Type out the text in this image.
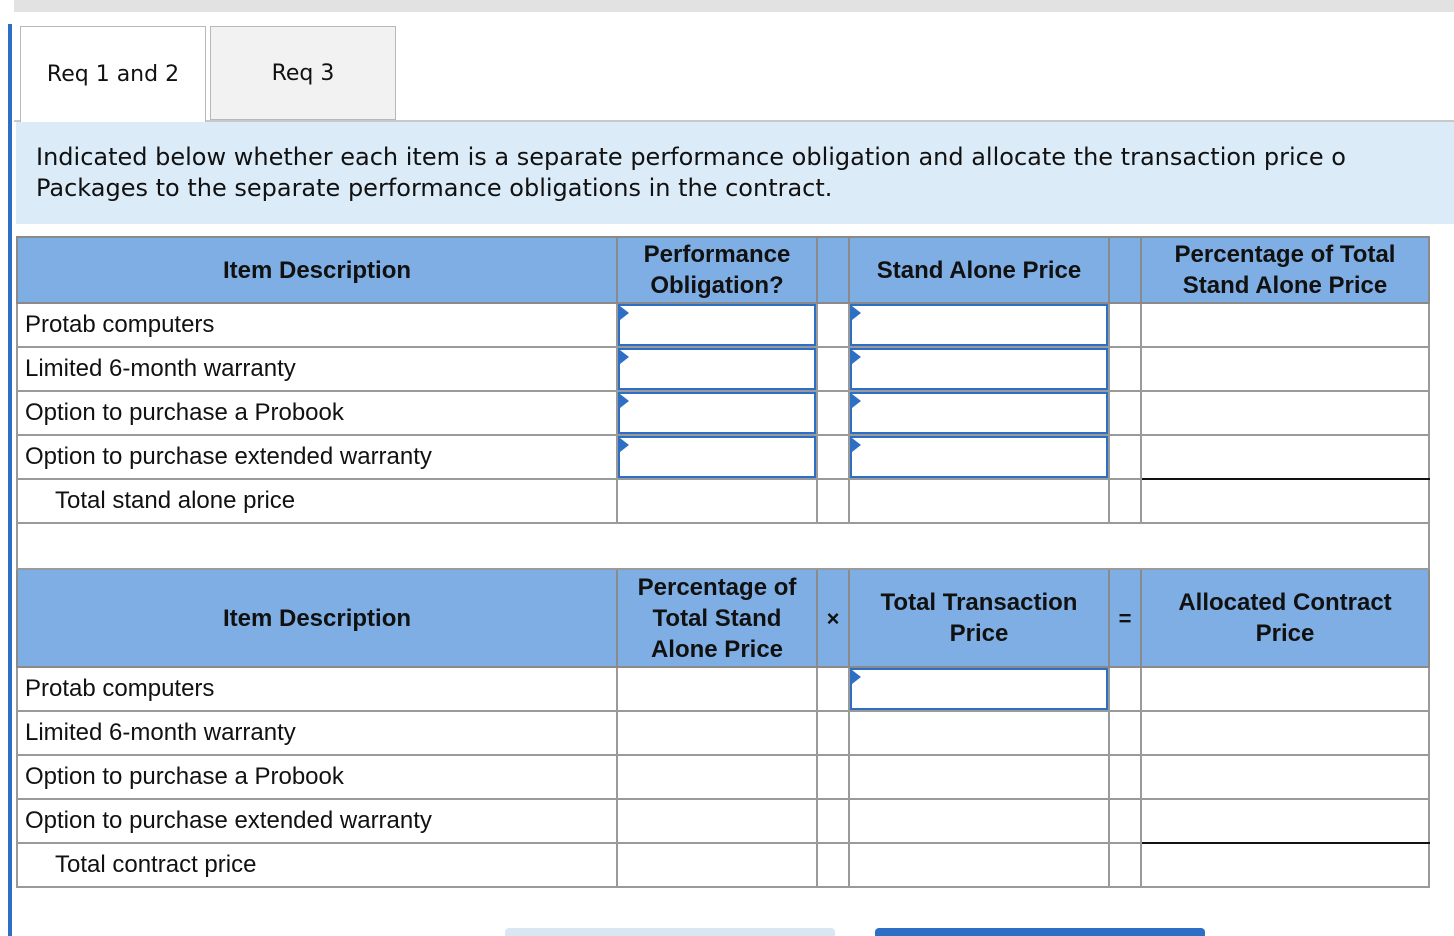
Req 1 and 2	Req 3
Indicated below whether each item is a separate performance obligation and allocate the transaction price o
Packages to the separate performance obligations in the contract.
Item Description	Performance Obligation?		Stand Alone Price		Percentage of Total Stand Alone Price
Protab computers	

Limited 6-month warranty	

Option to purchase a Probook	

Option to purchase extended warranty	

Total stand alone price					

Item Description	Percentage of Total Stand Alone Price	×	Total Transaction Price	=	Allocated Contract Price
Protab computers			

Limited 6-month warranty					
Option to purchase a Probook					
Option to purchase extended warranty					
Total contract price					
